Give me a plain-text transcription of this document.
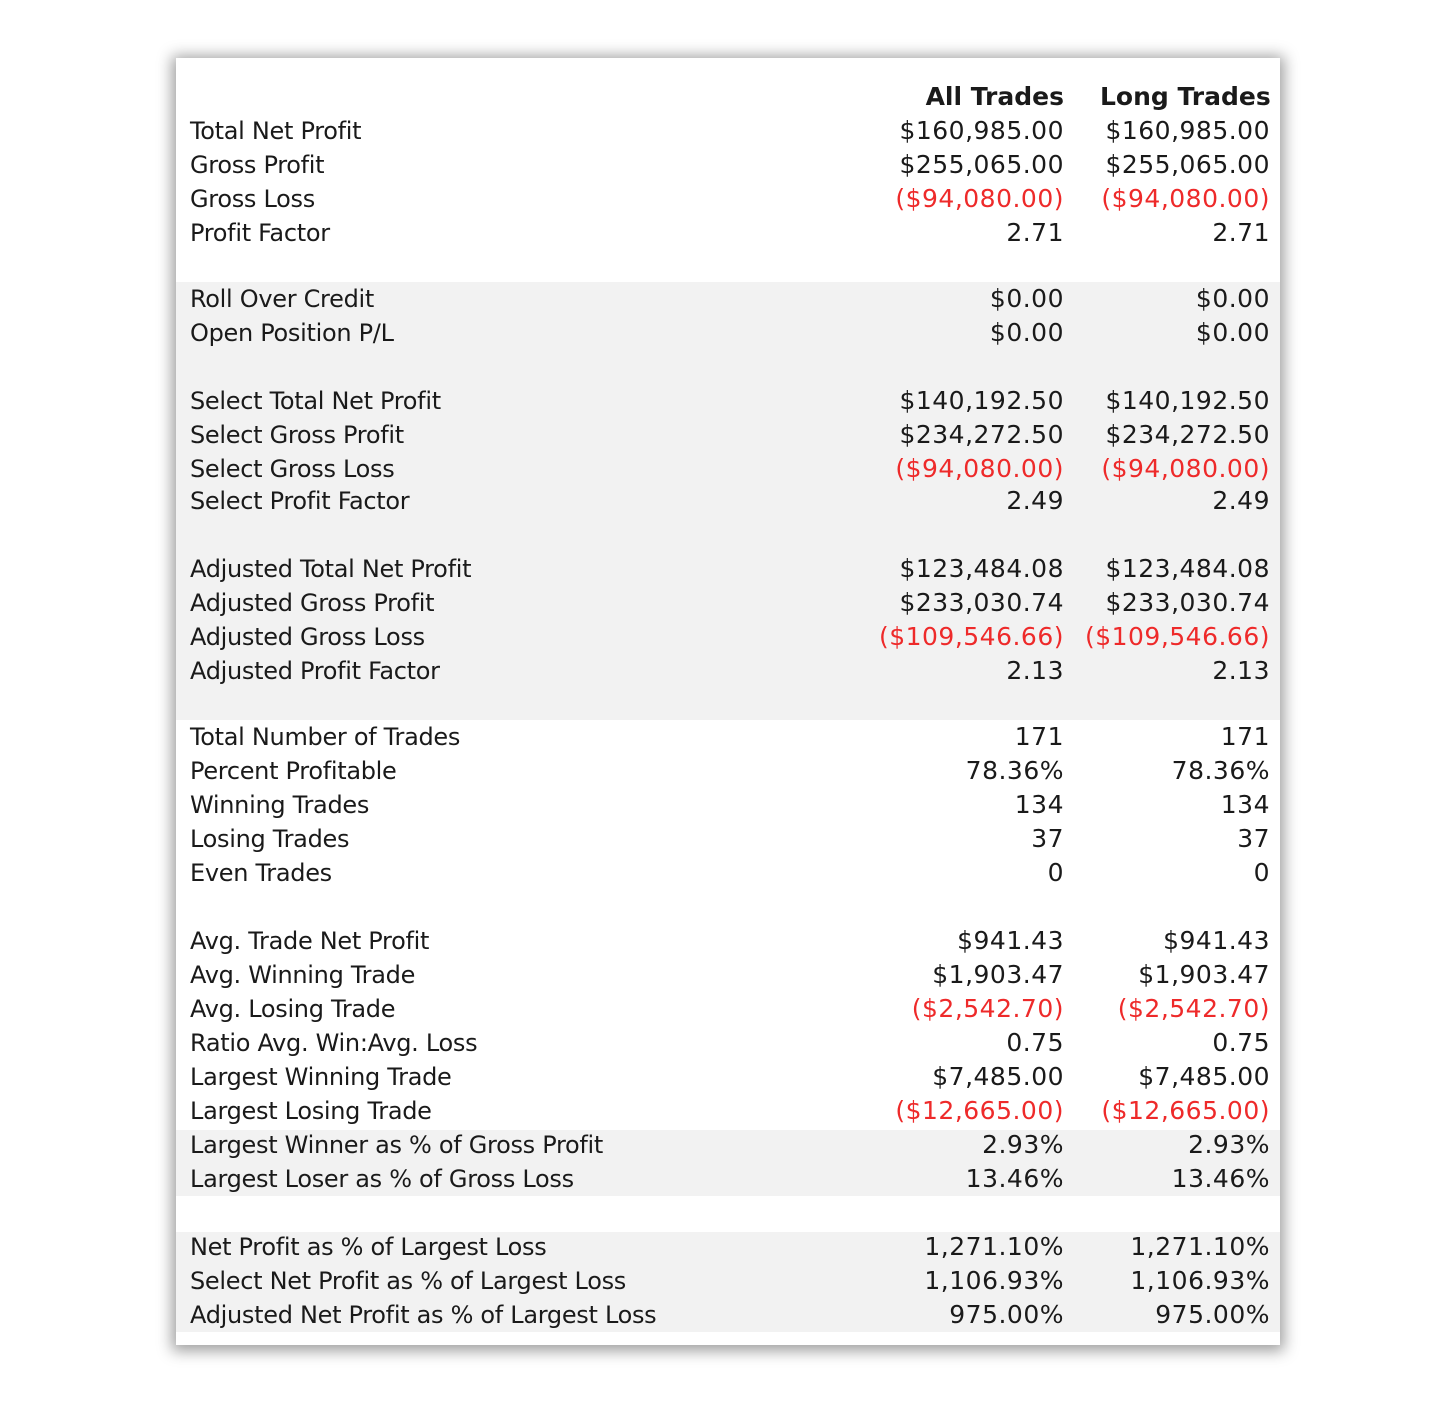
All Trades Long Trades
Total Net Profit	$160,985.00 $160,985.00
Gross Profit	$255,065.00 $255,065.00
Gross Loss	($94,080.00) ($94,080.00)
Profit Factor	2.71	2.71
Roll Over Credit	$0.00	$0.00
Open Position P/L	$0.00	$0.00
Select Total Net Profit	$140,192.50 $140,192.50
Select Gross Profit	$234,272.50 $234,272.50
Select Gross Loss	($94,080.00) ($94,080.00)
Select Profit Factor	2.49	2.49
Adjusted Total Net Profit	$123,484.08 $123,484.08
Adjusted Gross Profit	$233,030.74 $233,030.74
Adjusted Gross Loss	($109,546.66) ($109,546.66)
Adjusted Profit Factor	2.13	2.13
Total Number of Trades	171	171
Percent Profitable	78.36%	78.36%
Winning Trades	134	134
Losing Trades	37	37
Even Trades	0	0
Avg. Trade Net Profit	$941.43	$941.43
Avg. Winning Trade	$1,903.47	$1,903.47
Avg. Losing Trade	($2,542.70) ($2,542.70)
Ratio Avg. Win:Avg. Loss	0.75	0.75
Largest Winning Trade	$7,485.00	$7,485.00
Largest Losing Trade	($12,665.00) ($12,665.00)
Largest Winner as % of Gross Profit	2.93%	2.93%
Largest Loser as % of Gross Loss	13.46%	13.46%
Net Profit as % of Largest Loss	1,271.10%	1,271.10%
Select Net Profit as % of Largest Loss	1,106.93%	1,106.93%
Adjusted Net Profit as % of Largest Loss	975.00%	975.00%
